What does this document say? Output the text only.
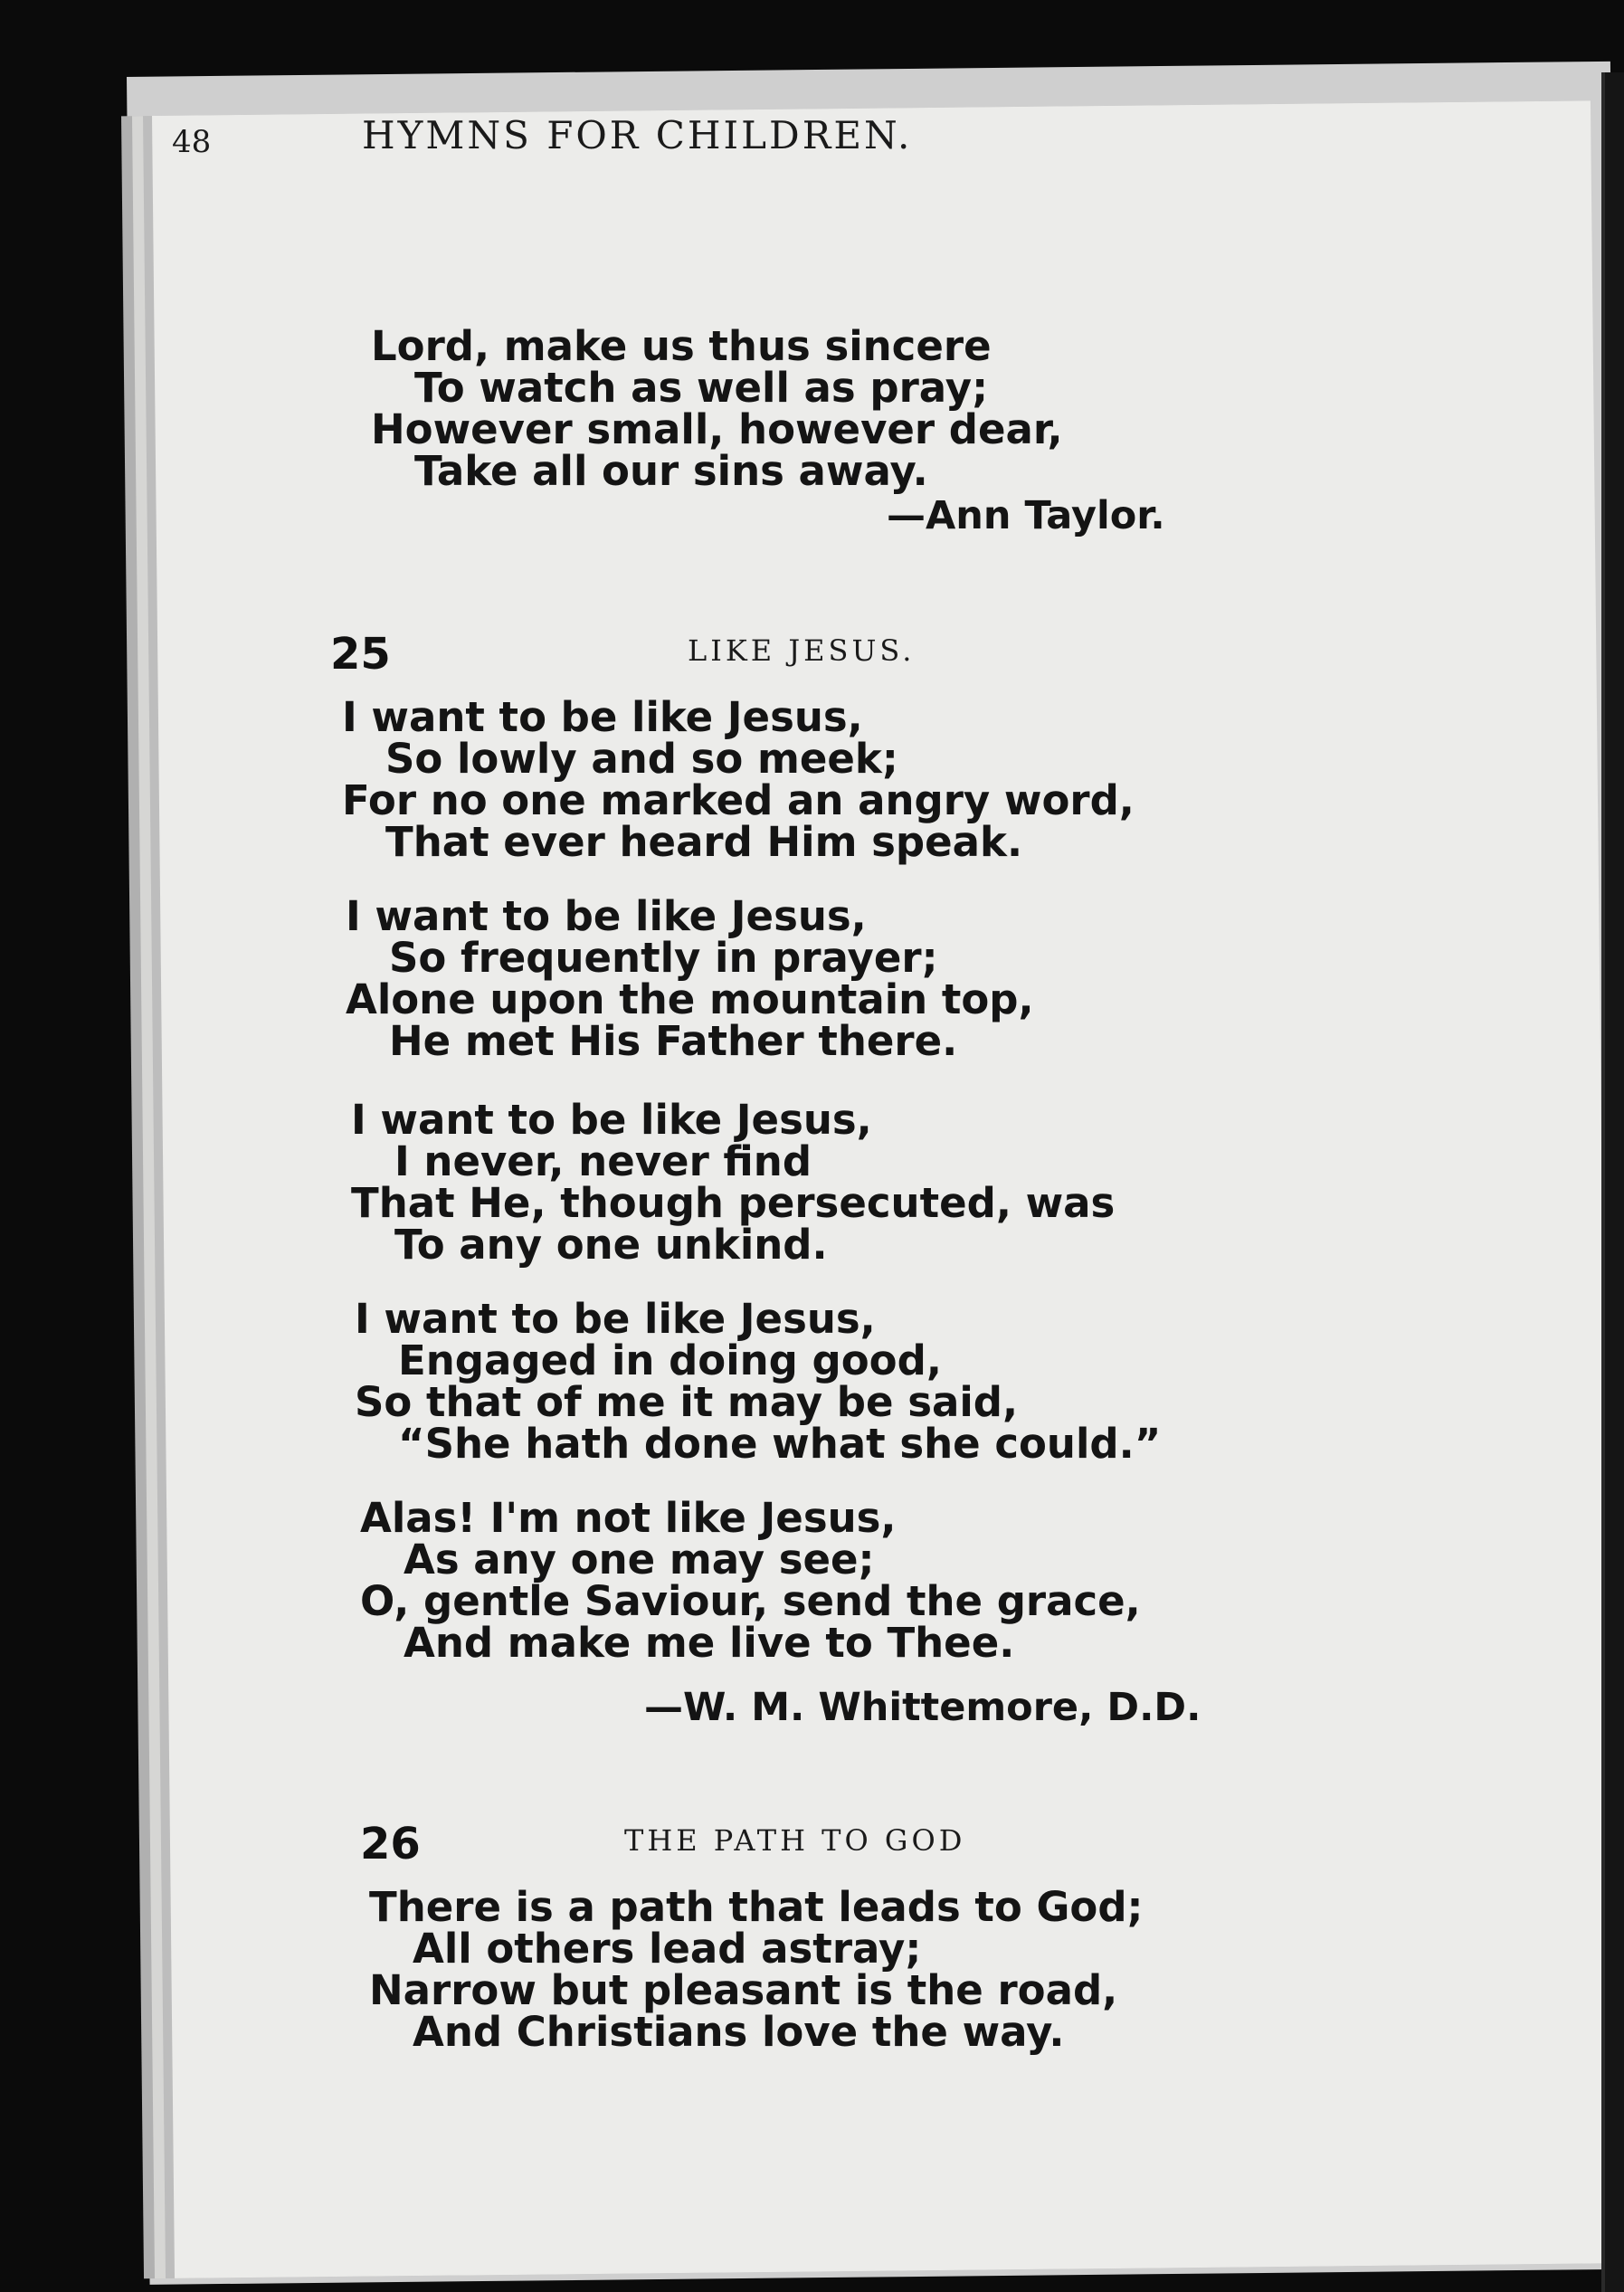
48	HYMNS FOR CHILDREN.
Lord, make us thus sincere
To watch as well as pray;
However small, however dear,
Take all our sins away.
—Ann Taylor.
25	LIKE JESUS.
I want to be like Jesus,
So lowly and so meek;
For no one marked an angry word,
That ever heard Him speak.
I want to be like Jesus,
So frequently in prayer;
Alone upon the mountain top,
He met His Father there.
I want to be like Jesus,
I never, never find
That He, though persecuted, was
To any one unkind.
I want to be like Jesus,
Engaged in doing good,
So that of me it may be said,
“She hath done what she could.”
Alas! I'm not like Jesus,
As any one may see;
O, gentle Saviour, send the grace,
And make me live to Thee.
—W. M. Whittemore, D.D.
26	THE PATH TO GOD
There is a path that leads to God;
All others lead astray;
Narrow but pleasant is the road,
And Christians love the way.
